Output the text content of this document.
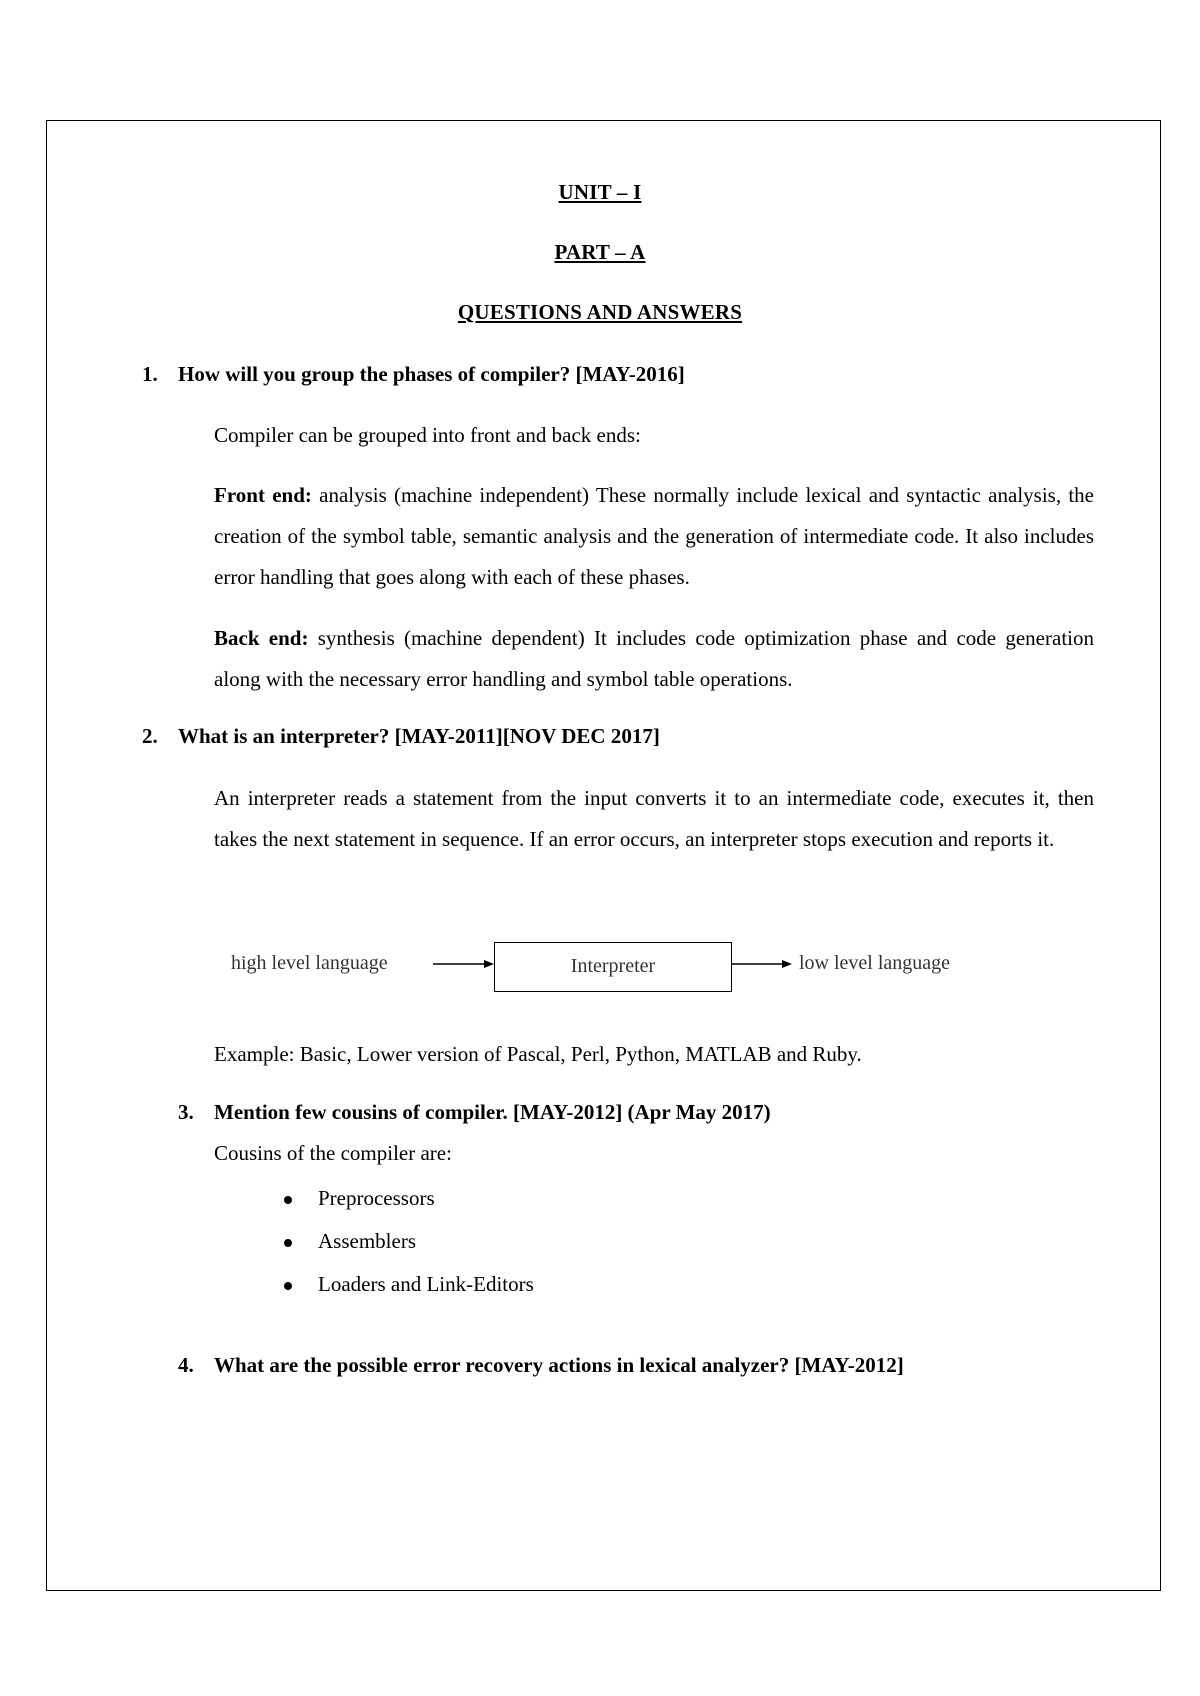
UNIT – I
PART – A
QUESTIONS AND ANSWERS
1. How will you group the phases of compiler? [MAY-2016]
Compiler can be grouped into front and back ends:
Front end: analysis (machine independent) These normally include lexical and syntactic analysis, the creation of the symbol table, semantic analysis and the generation of intermediate code. It also includes error handling that goes along with each of these phases.
Back end: synthesis (machine dependent) It includes code optimization phase and code generation along with the necessary error handling and symbol table operations.
2. What is an interpreter? [MAY-2011][NOV DEC 2017]
An interpreter reads a statement from the input converts it to an intermediate code, executes it, then takes the next statement in sequence. If an error occurs, an interpreter stops execution and reports it.
high level language	Interpreter	low level language
Example: Basic, Lower version of Pascal, Perl, Python, MATLAB and Ruby.
3. Mention few cousins of compiler. [MAY-2012] (Apr May 2017)
Cousins of the compiler are:
Preprocessors
Assemblers
Loaders and Link-Editors
4. What are the possible error recovery actions in lexical analyzer? [MAY-2012]
